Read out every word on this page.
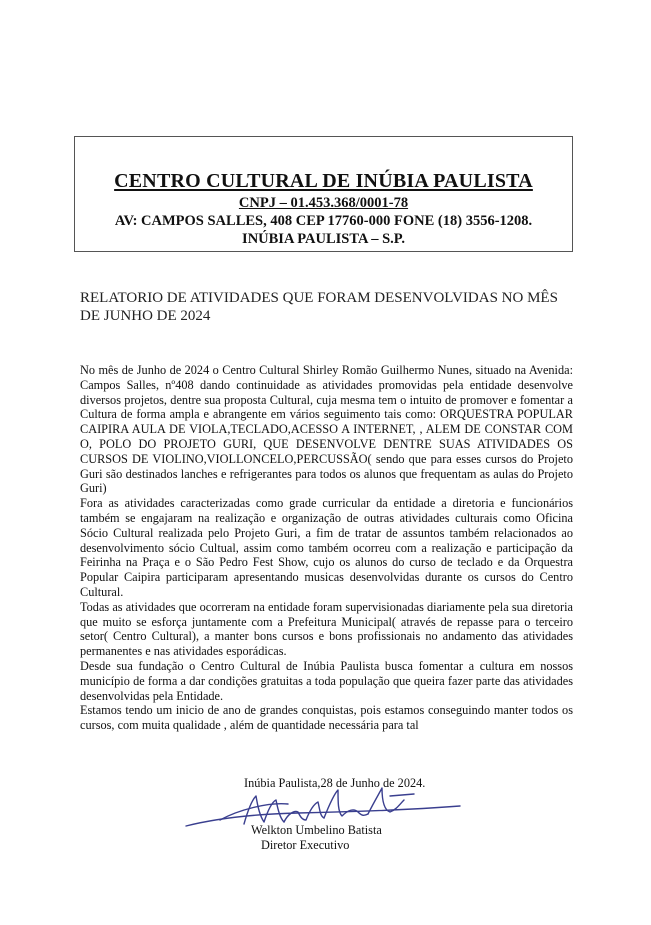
CENTRO CULTURAL DE INÚBIA PAULISTA
CNPJ – 01.453.368/0001-78
AV: CAMPOS SALLES, 408 CEP 17760-000 FONE (18) 3556-1208.
INÚBIA PAULISTA – S.P.
RELATORIO DE ATIVIDADES QUE FORAM DESENVOLVIDAS NO MÊS DE JUNHO DE 2024

No mês de Junho de 2024 o Centro Cultural Shirley Romão Guilhermo Nunes, situado na Avenida: Campos Salles, nº408 dando continuidade as atividades promovidas pela entidade desenvolve diversos projetos, dentre sua proposta Cultural, cuja mesma tem o intuito de promover e fomentar a Cultura de forma ampla e abrangente em vários seguimento tais como: ORQUESTRA POPULAR CAIPIRA AULA DE VIOLA,TECLADO,ACESSO A INTERNET, , ALEM DE CONSTAR COM O, POLO DO PROJETO GURI, QUE DESENVOLVE DENTRE SUAS ATIVIDADES OS CURSOS DE VIOLINO,VIOLLONCELO,PERCUSSÃO( sendo que para esses cursos do Projeto Guri são destinados lanches e refrigerantes para todos os alunos que frequentam as aulas do Projeto Guri)

Fora as atividades caracterizadas como grade curricular da entidade a diretoria e funcionários também se engajaram na realização e organização de outras atividades culturais como Oficina Sócio Cultural realizada pelo Projeto Guri, a fim de tratar de assuntos também relacionados ao desenvolvimento sócio Cultual, assim como também ocorreu com a realização e participação da Feirinha na Praça e o São Pedro Fest Show, cujo os alunos do curso de teclado e da Orquestra Popular Caipira participaram apresentando musicas desenvolvidas durante os cursos do Centro Cultural.

Todas as atividades que ocorreram na entidade foram supervisionadas diariamente pela sua diretoria que muito se esforça juntamente com a Prefeitura Municipal( através de repasse para o terceiro setor( Centro Cultural), a manter bons cursos e bons profissionais no andamento das atividades permanentes e nas atividades esporádicas.

Desde sua fundação o Centro Cultural de Inúbia Paulista busca fomentar a cultura em nossos município de forma a dar condições gratuitas a toda população que queira fazer parte das atividades desenvolvidas pela Entidade.

Estamos tendo um inicio de ano de grandes conquistas, pois estamos conseguindo manter todos os cursos, com muita qualidade , além de quantidade necessária para tal

Inúbia Paulista,28 de Junho de 2024.
Welkton Umbelino Batista
Diretor Executivo
